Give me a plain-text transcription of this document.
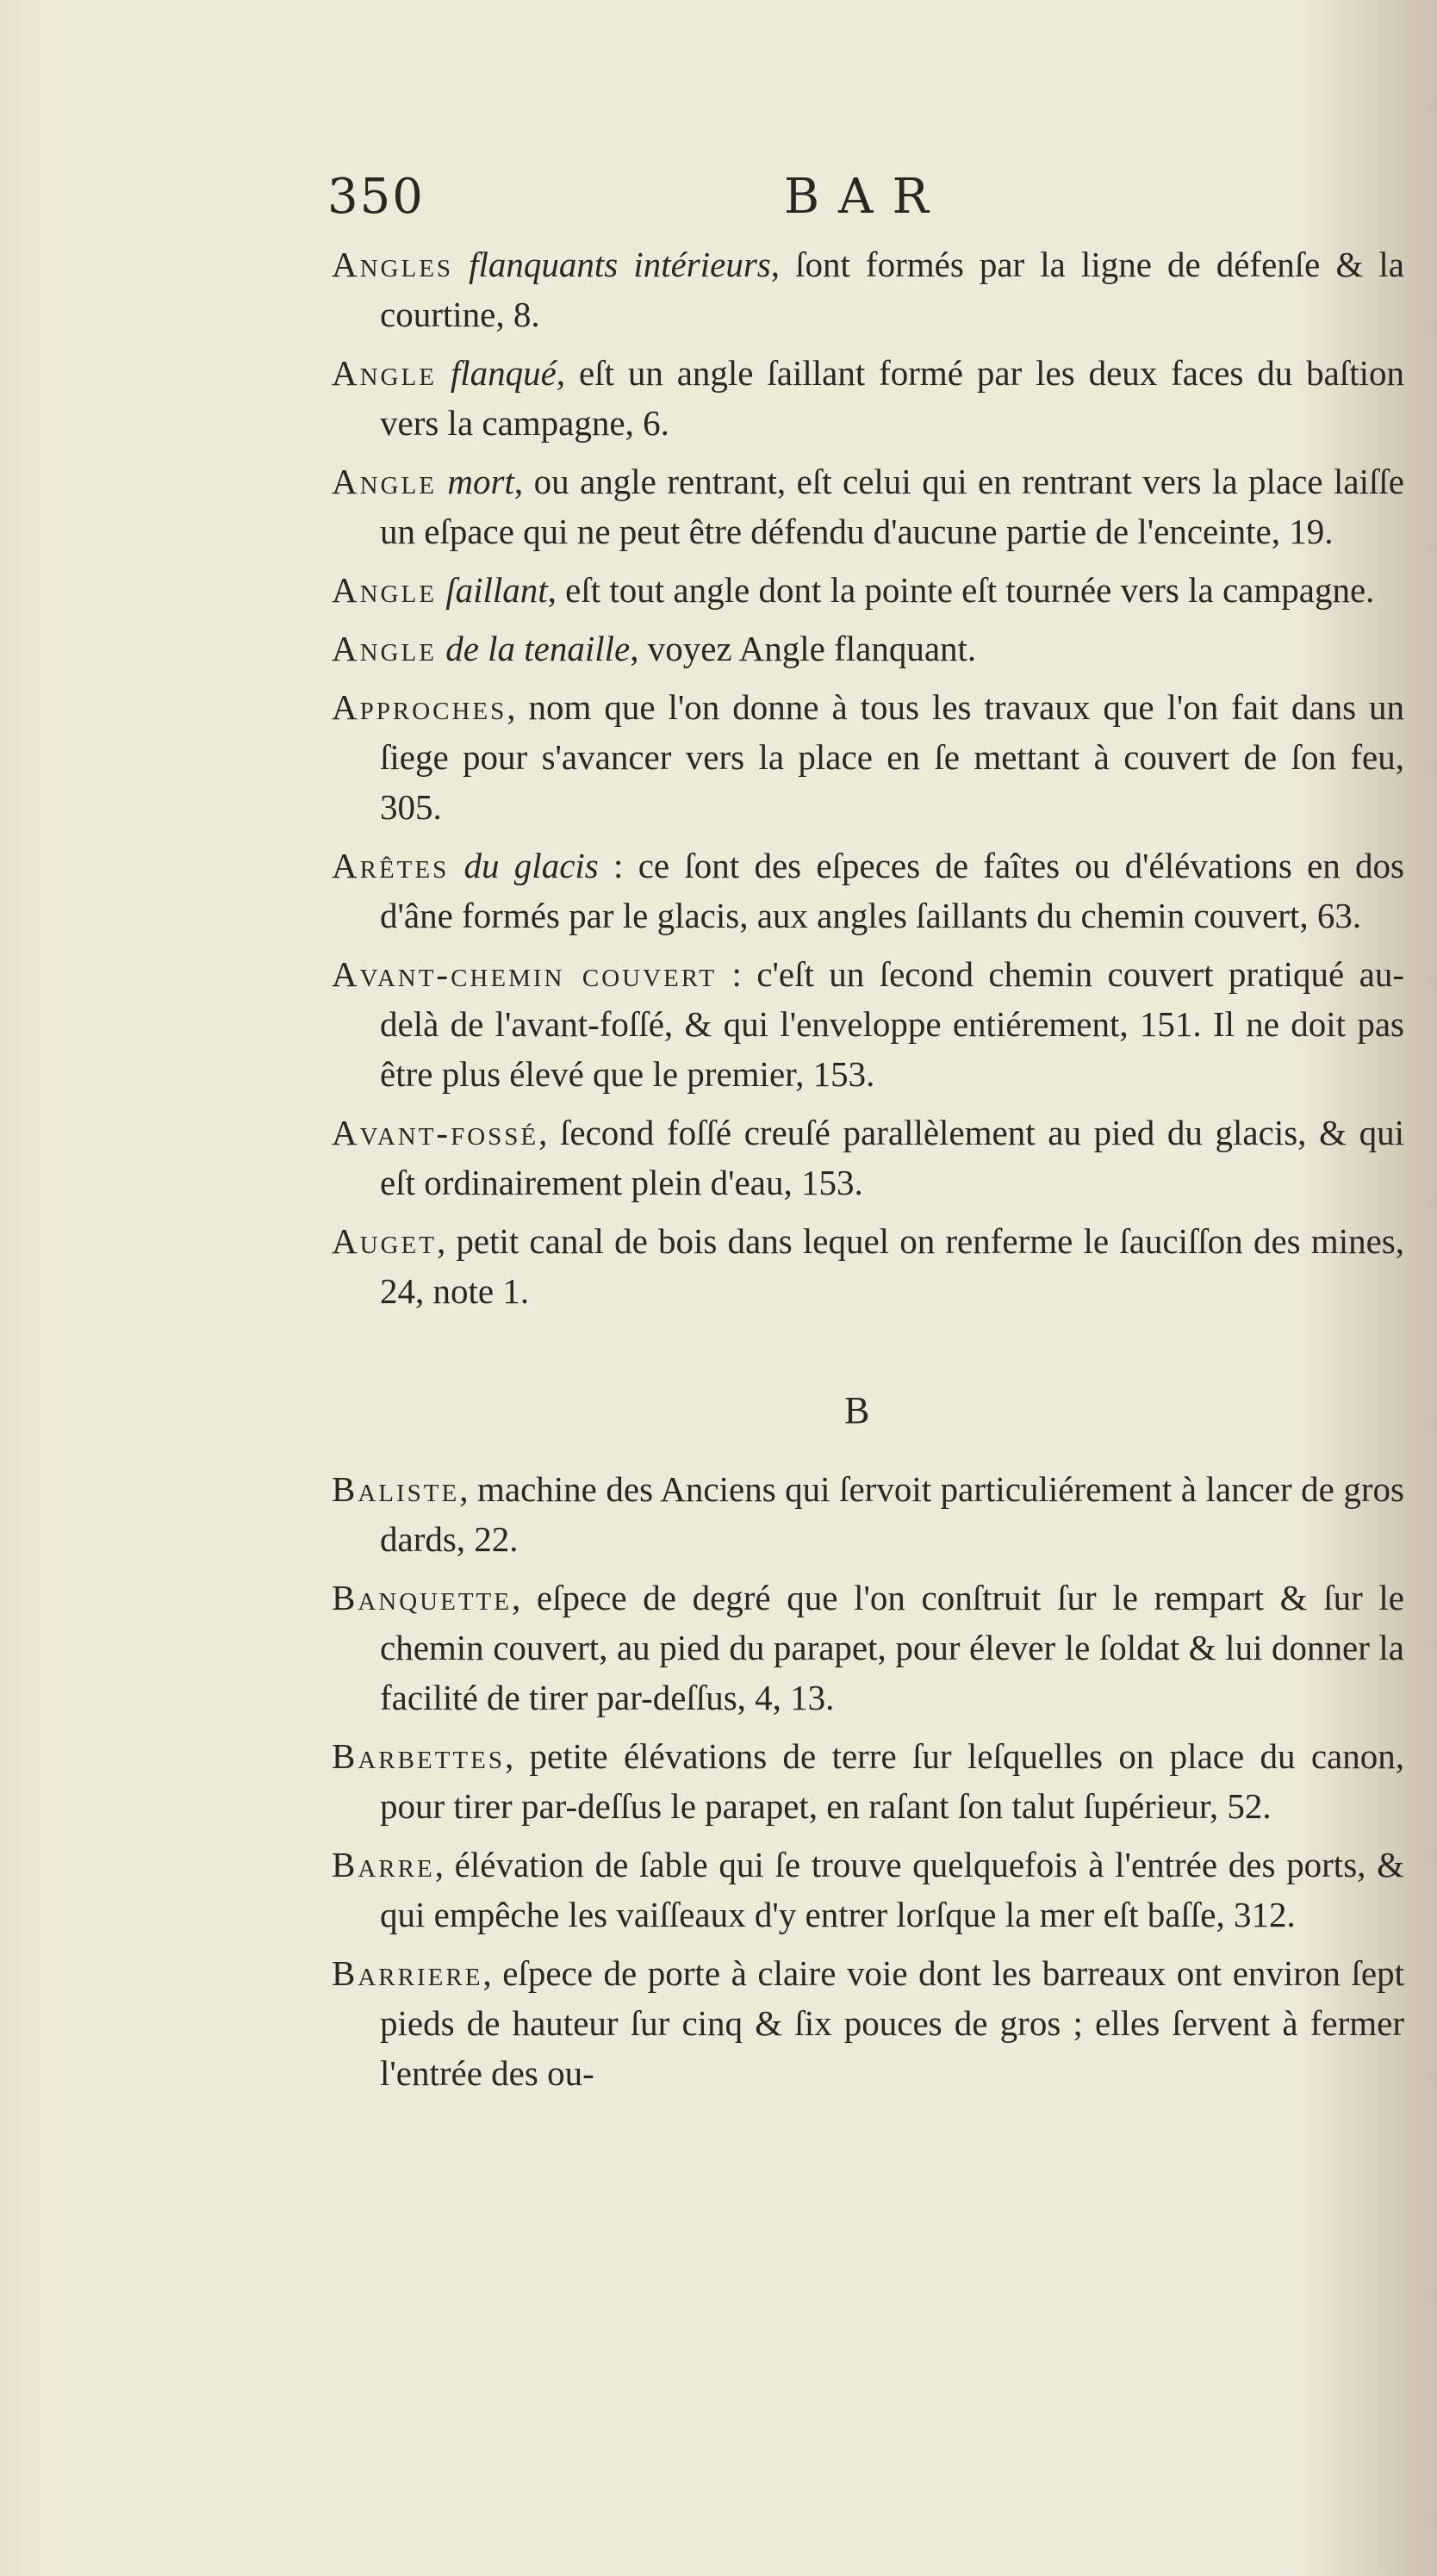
350	BAR

Angles flanquants intérieurs, ſont formés par la ligne de défenſe & la courtine, 8.

Angle flanqué, eſt un angle ſaillant formé par les deux faces du baſtion vers la campagne, 6.

Angle mort, ou angle rentrant, eſt celui qui en rentrant vers la place laiſſe un eſpace qui ne peut être défendu d'aucune partie de l'enceinte, 19.

Angle ſaillant, eſt tout angle dont la pointe eſt tournée vers la campagne.

Angle de la tenaille, voyez Angle flanquant.

Approches, nom que l'on donne à tous les travaux que l'on fait dans un ſiege pour s'avancer vers la place en ſe mettant à couvert de ſon feu, 305.

Arêtes du glacis : ce ſont des eſpeces de faîtes ou d'élévations en dos d'âne formés par le glacis, aux angles ſaillants du chemin couvert, 63.

Avant-chemin couvert : c'eſt un ſecond chemin couvert pratiqué au-delà de l'avant-foſſé, & qui l'enveloppe entiérement, 151. Il ne doit pas être plus élevé que le premier, 153.

Avant-fossé, ſecond foſſé creuſé parallèlement au pied du glacis, & qui eſt ordinairement plein d'eau, 153.

Auget, petit canal de bois dans lequel on renferme le ſauciſſon des mines, 24, note 1.

B

Baliste, machine des Anciens qui ſervoit particuliérement à lancer de gros dards, 22.

Banquette, eſpece de degré que l'on conſtruit ſur le rempart & ſur le chemin couvert, au pied du parapet, pour élever le ſoldat & lui donner la facilité de tirer par-deſſus, 4, 13.

Barbettes, petite élévations de terre ſur leſquelles on place du canon, pour tirer par-deſſus le parapet, en raſant ſon talut ſupérieur, 52.

Barre, élévation de ſable qui ſe trouve quelquefois à l'entrée des ports, & qui empêche les vaiſſeaux d'y entrer lorſque la mer eſt baſſe, 312.

Barriere, eſpece de porte à claire voie dont les barreaux ont environ ſept pieds de hauteur ſur cinq & ſix pouces de gros ; elles ſervent à fermer l'entrée des ou-
